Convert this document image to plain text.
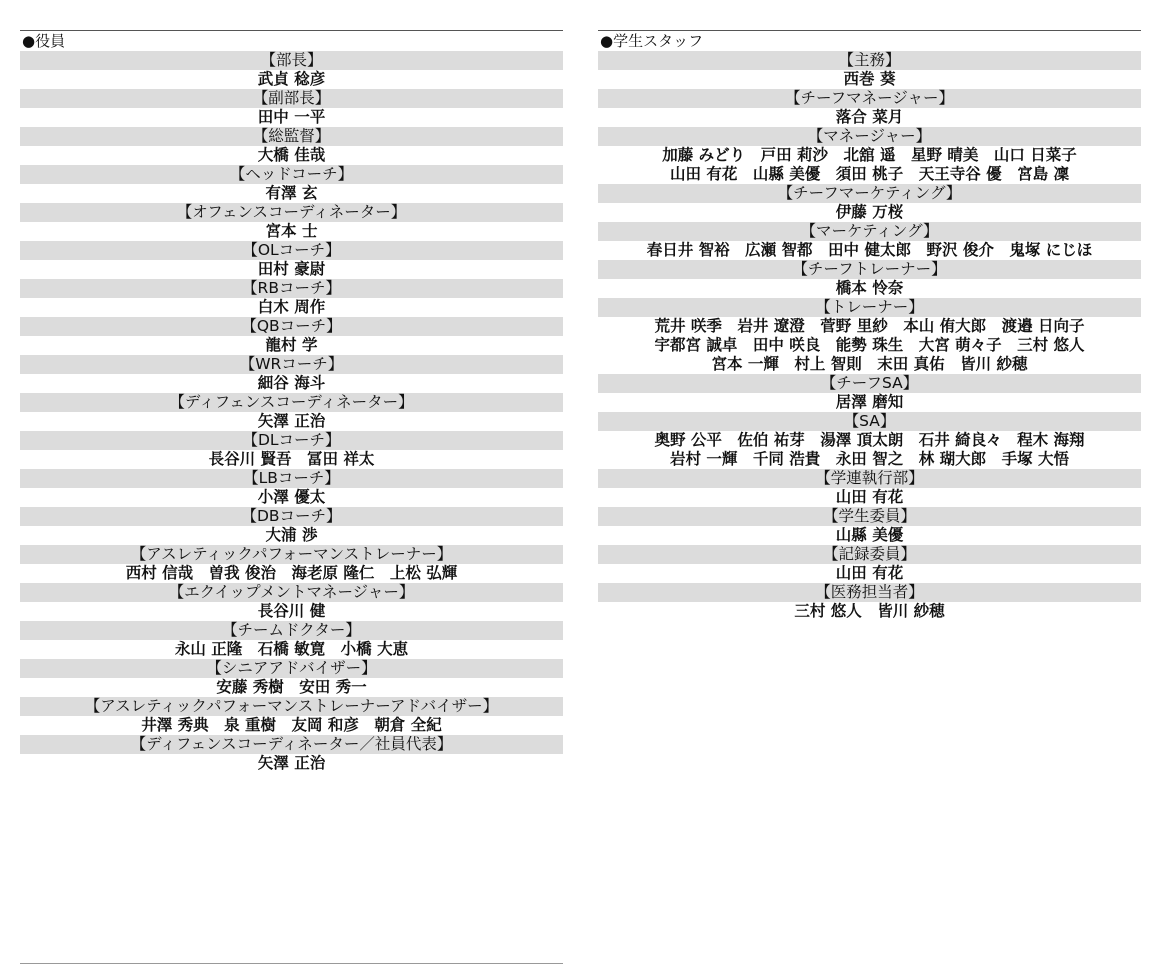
●役員
【部長】
武貞 稔彦
【副部長】
田中 一平
【総監督】
大橋 佳哉
【ヘッドコーチ】
有澤 玄
【オフェンスコーディネーター】
宮本 士
【OLコーチ】
田村 豪尉
【RBコーチ】
白木 周作
【QBコーチ】
龍村 学
【WRコーチ】
細谷 海斗
【ディフェンスコーディネーター】
矢澤 正治
【DLコーチ】
長谷川 賢吾　冨田 祥太
【LBコーチ】
小澤 優太
【DBコーチ】
大浦 渉
【アスレティックパフォーマンストレーナー】
西村 信哉　曽我 俊治　海老原 隆仁　上松 弘輝
【エクイップメントマネージャー】
長谷川 健
【チームドクター】
永山 正隆　石橋 敏寛　小橋 大恵
【シニアアドバイザー】
安藤 秀樹　安田 秀一
【アスレティックパフォーマンストレーナーアドバイザー】
井澤 秀典　泉 重樹　友岡 和彦　朝倉 全紀
【ディフェンスコーディネーター／社員代表】
矢澤 正治
●学生スタッフ
【主務】
西巻 葵
【チーフマネージャー】
落合 菜月
【マネージャー】
加藤 みどり　戸田 莉沙　北舘 遥　星野 晴美　山口 日菜子
山田 有花　山縣 美優　須田 桃子　天王寺谷 優　宮島 凜
【チーフマーケティング】
伊藤 万桜
【マーケティング】
春日井 智裕　広瀬 智都　田中 健太郎　野沢 俊介　鬼塚 にじほ
【チーフトレーナー】
橋本 怜奈
【トレーナー】
荒井 咲季　岩井 遼澄　菅野 里紗　本山 侑大郎　渡邉 日向子
宇都宮 誠卓　田中 咲良　能勢 珠生　大宮 萌々子　三村 悠人
宮本 一輝　村上 智則　末田 真佑　皆川 紗穂
【チーフSA】
居澤 磨知
【SA】
奥野 公平　佐伯 祐芽　湯澤 頂太朗　石井 綺良々　程木 海翔
岩村 一輝　千同 浩貴　永田 智之　林 瑚大郎　手塚 大悟
【学連執行部】
山田 有花
【学生委員】
山縣 美優
【記録委員】
山田 有花
【医務担当者】
三村 悠人　皆川 紗穂
